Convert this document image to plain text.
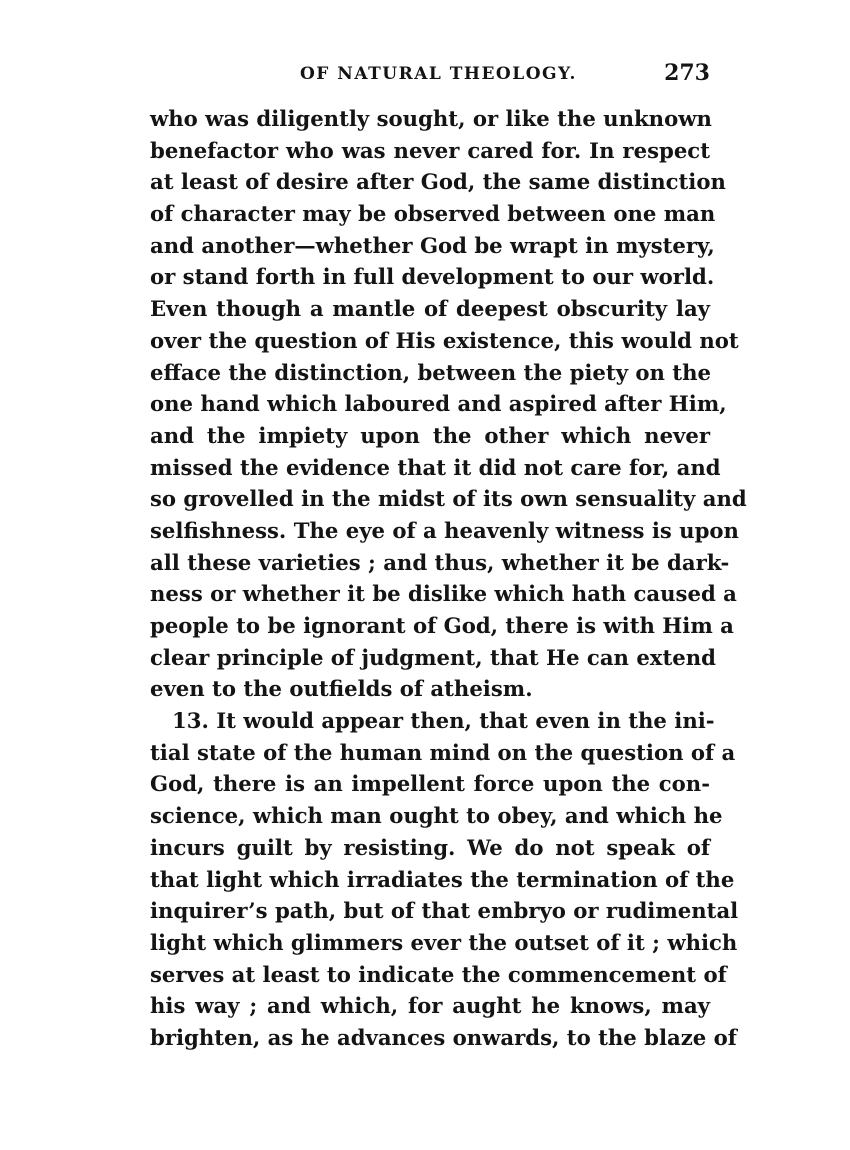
OF NATURAL THEOLOGY.	273
who was diligently sought, or like the unknown
benefactor who was never cared for. In respect
at least of desire after God, the same distinction
of character may be observed between one man
and another—whether God be wrapt in mystery,
or stand forth in full development to our world.
Even though a mantle of deepest obscurity lay
over the question of His existence, this would not
efface the distinction, between the piety on the
one hand which laboured and aspired after Him,
and the impiety upon the other which never
missed the evidence that it did not care for, and
so grovelled in the midst of its own sensuality and
selfishness. The eye of a heavenly witness is upon
all these varieties ; and thus, whether it be dark-
ness or whether it be dislike which hath caused a
people to be ignorant of God, there is with Him a
clear principle of judgment, that He can extend
even to the outfields of atheism.
13. It would appear then, that even in the ini-
tial state of the human mind on the question of a
God, there is an impellent force upon the con-
science, which man ought to obey, and which he
incurs guilt by resisting. We do not speak of
that light which irradiates the termination of the
inquirer’s path, but of that embryo or rudimental
light which glimmers ever the outset of it ; which
serves at least to indicate the commencement of
his way ; and which, for aught he knows, may
brighten, as he advances onwards, to the blaze of
